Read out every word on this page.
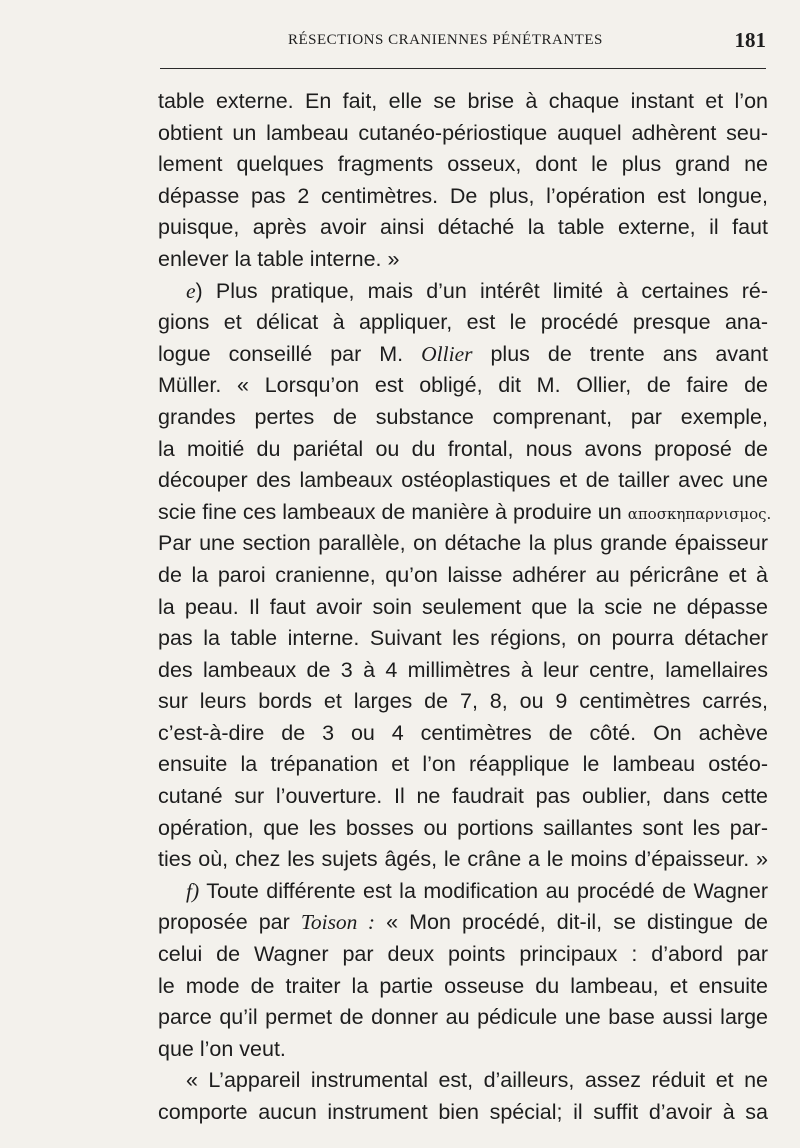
RÉSECTIONS CRANIENNES PÉNÉTRANTES	181
table externe. En fait, elle se brise à chaque instant et l’on
obtient un lambeau cutanéo-périostique auquel adhèrent seu-
lement quelques fragments osseux, dont le plus grand ne
dépasse pas 2 centimètres. De plus, l’opération est longue,
puisque, après avoir ainsi détaché la table externe, il faut
enlever la table interne. »
e) Plus pratique, mais d’un intérêt limité à certaines ré-
gions et délicat à appliquer, est le procédé presque ana-
logue conseillé par M. Ollier plus de trente ans avant
Müller. « Lorsqu’on est obligé, dit M. Ollier, de faire de
grandes pertes de substance comprenant, par exemple,
la moitié du pariétal ou du frontal, nous avons proposé de
découper des lambeaux ostéoplastiques et de tailler avec une
scie fine ces lambeaux de manière à produire un αποσκηπαρνισμος.
Par une section parallèle, on détache la plus grande épaisseur
de la paroi cranienne, qu’on laisse adhérer au péricrâne et à
la peau. Il faut avoir soin seulement que la scie ne dépasse
pas la table interne. Suivant les régions, on pourra détacher
des lambeaux de 3 à 4 millimètres à leur centre, lamellaires
sur leurs bords et larges de 7, 8, ou 9 centimètres carrés,
c’est-à-dire de 3 ou 4 centimètres de côté. On achève
ensuite la trépanation et l’on réapplique le lambeau ostéo-
cutané sur l’ouverture. Il ne faudrait pas oublier, dans cette
opération, que les bosses ou portions saillantes sont les par-
ties où, chez les sujets âgés, le crâne a le moins d’épaisseur. »
f) Toute différente est la modification au procédé de Wagner
proposée par Toison : « Mon procédé, dit-il, se distingue de
celui de Wagner par deux points principaux : d’abord par
le mode de traiter la partie osseuse du lambeau, et ensuite
parce qu’il permet de donner au pédicule une base aussi large
que l’on veut.
« L’appareil instrumental est, d’ailleurs, assez réduit et ne
comporte aucun instrument bien spécial; il suffit d’avoir à sa
